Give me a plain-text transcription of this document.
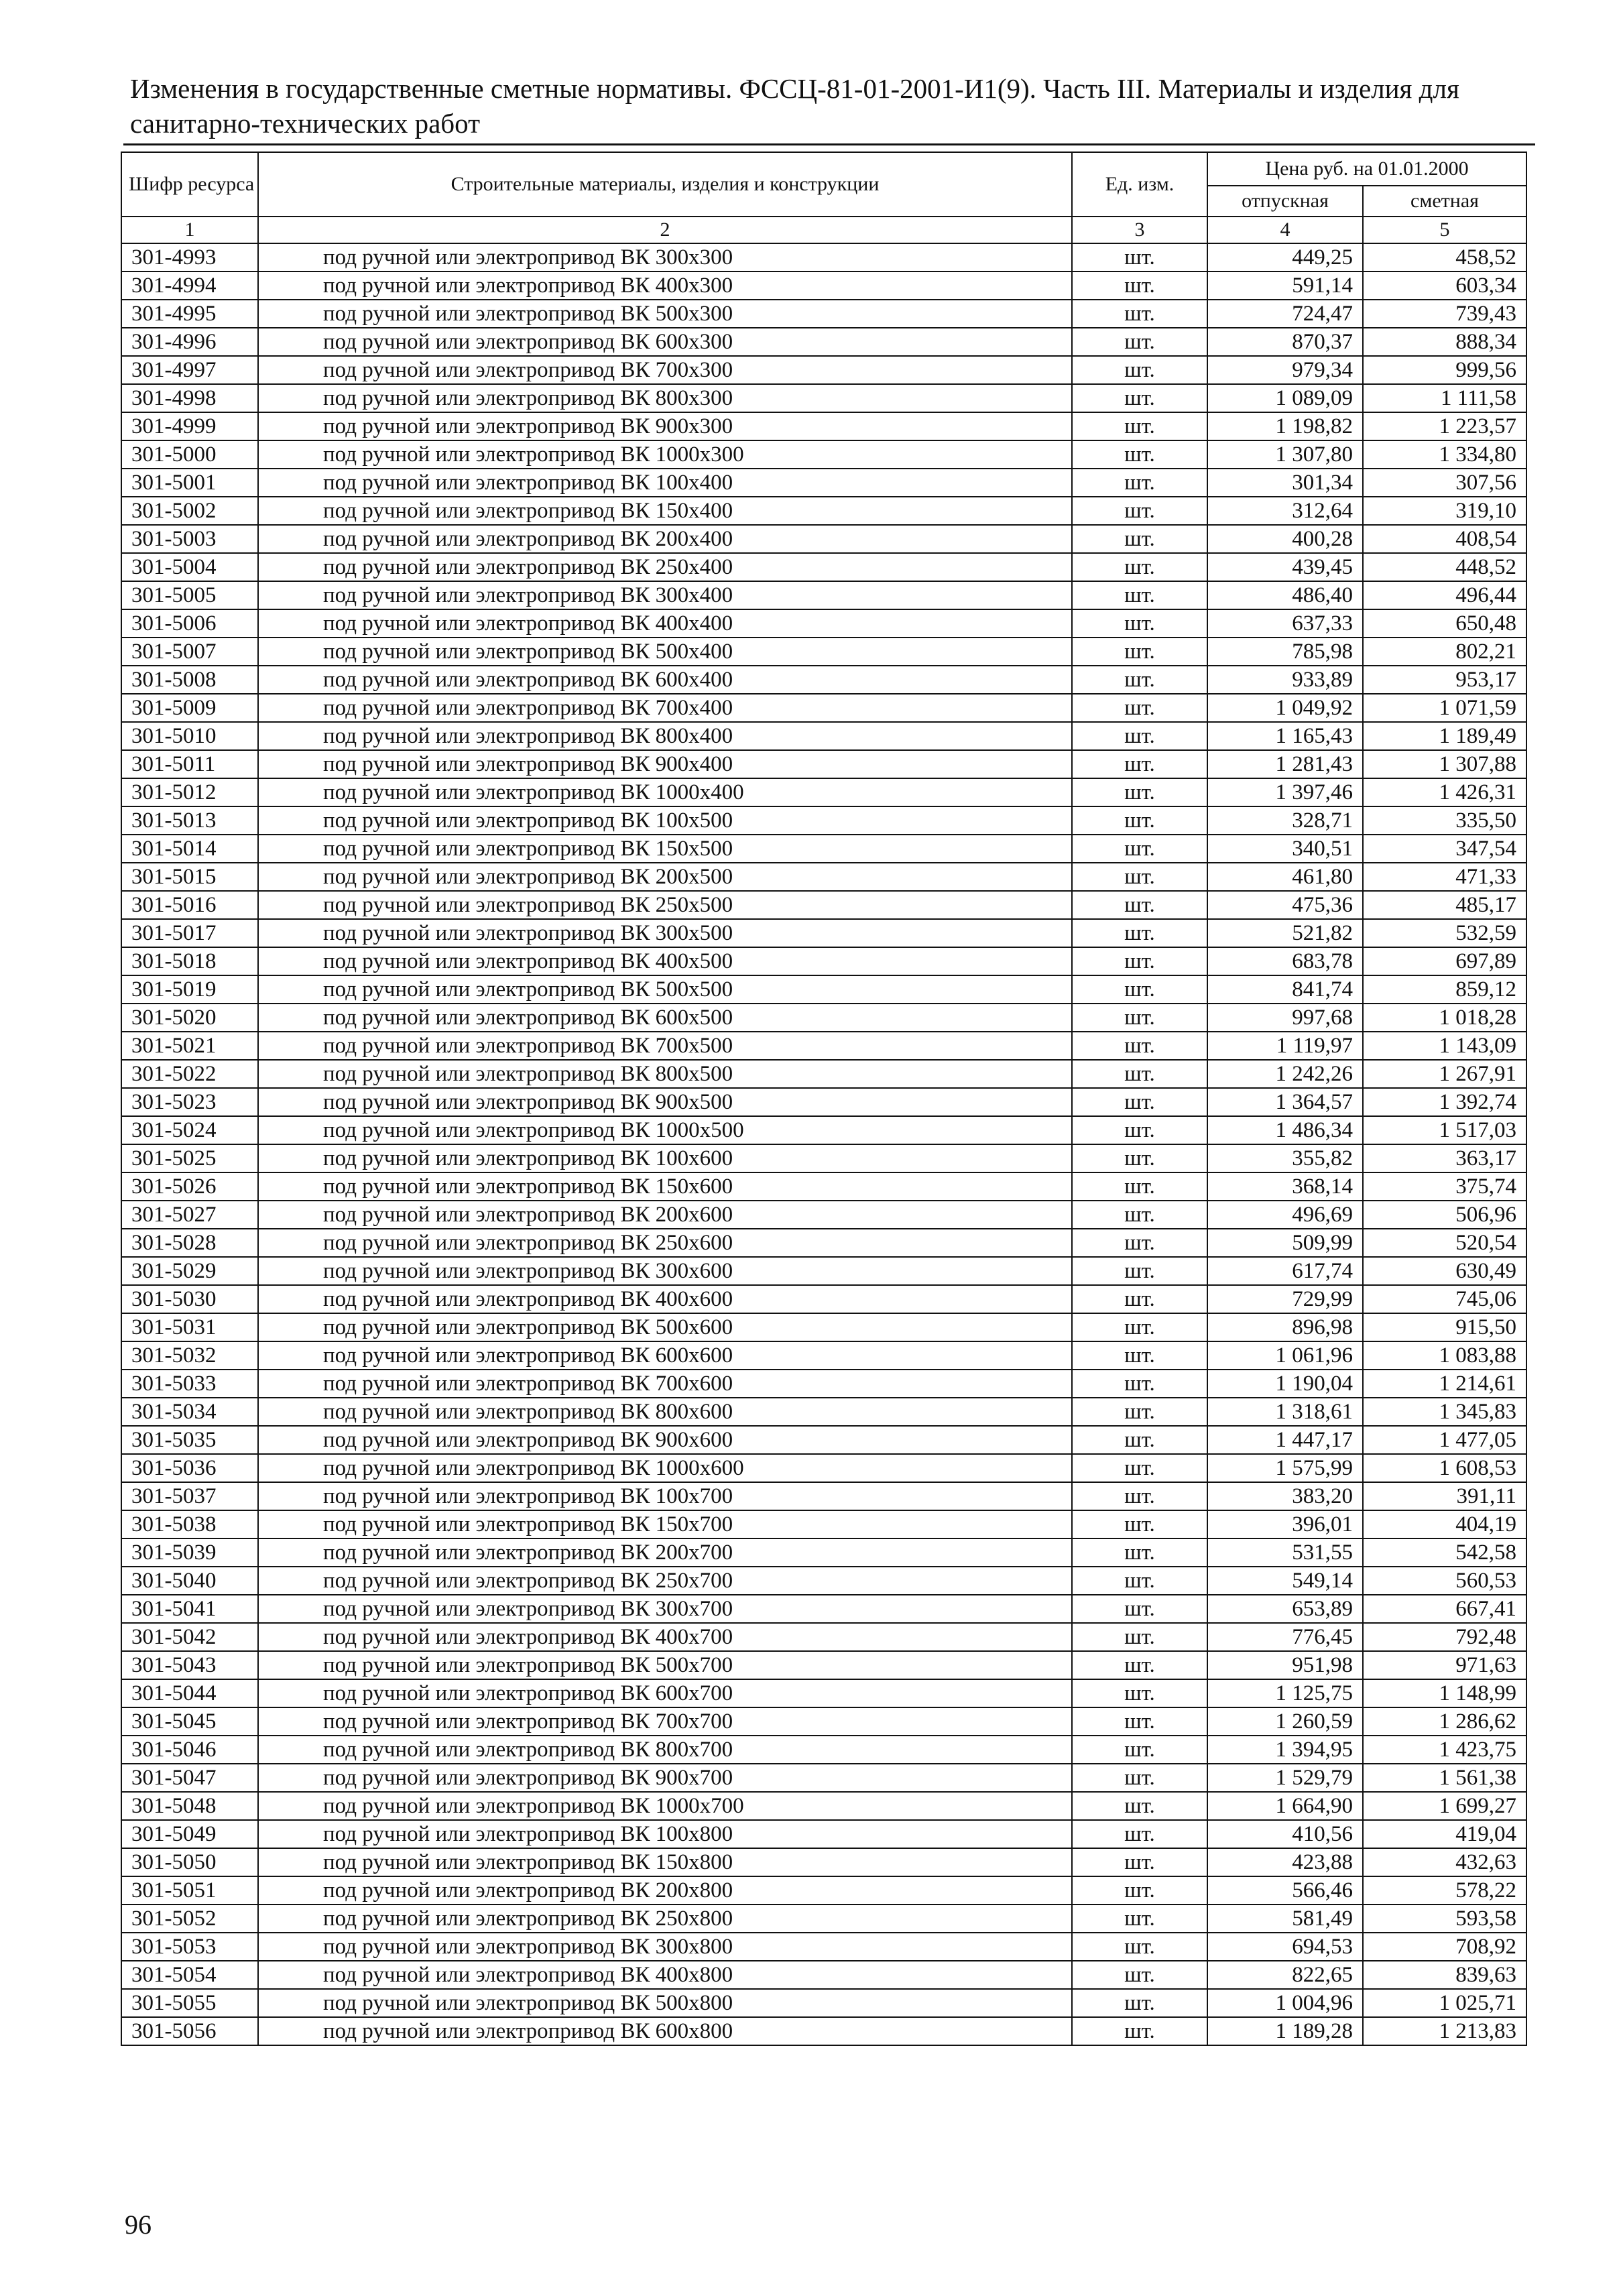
Изменения в государственные сметные нормативы. ФССЦ-81-01-2001-И1(9). Часть III. Материалы и изделия для санитарно-технических работ
Шифр ресурса	Строительные материалы, изделия и конструкции	Ед. изм.	Цена руб. на 01.01.2000	
			отпускная	сметная
1	2	3	4	5
301-4993	под ручной или электропривод ВК 300x300	шт.	449,25	458,52
301-4994	под ручной или электропривод ВК 400x300	шт.	591,14	603,34
301-4995	под ручной или электропривод ВК 500x300	шт.	724,47	739,43
301-4996	под ручной или электропривод ВК 600x300	шт.	870,37	888,34
301-4997	под ручной или электропривод ВК 700x300	шт.	979,34	999,56
301-4998	под ручной или электропривод ВК 800x300	шт.	1 089,09	1 111,58
301-4999	под ручной или электропривод ВК 900x300	шт.	1 198,82	1 223,57
301-5000	под ручной или электропривод ВК 1000x300	шт.	1 307,80	1 334,80
301-5001	под ручной или электропривод ВК 100x400	шт.	301,34	307,56
301-5002	под ручной или электропривод ВК 150x400	шт.	312,64	319,10
301-5003	под ручной или электропривод ВК 200x400	шт.	400,28	408,54
301-5004	под ручной или электропривод ВК 250x400	шт.	439,45	448,52
301-5005	под ручной или электропривод ВК 300x400	шт.	486,40	496,44
301-5006	под ручной или электропривод ВК 400x400	шт.	637,33	650,48
301-5007	под ручной или электропривод ВК 500x400	шт.	785,98	802,21
301-5008	под ручной или электропривод ВК 600x400	шт.	933,89	953,17
301-5009	под ручной или электропривод ВК 700x400	шт.	1 049,92	1 071,59
301-5010	под ручной или электропривод ВК 800x400	шт.	1 165,43	1 189,49
301-5011	под ручной или электропривод ВК 900x400	шт.	1 281,43	1 307,88
301-5012	под ручной или электропривод ВК 1000x400	шт.	1 397,46	1 426,31
301-5013	под ручной или электропривод ВК 100x500	шт.	328,71	335,50
301-5014	под ручной или электропривод ВК 150x500	шт.	340,51	347,54
301-5015	под ручной или электропривод ВК 200x500	шт.	461,80	471,33
301-5016	под ручной или электропривод ВК 250x500	шт.	475,36	485,17
301-5017	под ручной или электропривод ВК 300x500	шт.	521,82	532,59
301-5018	под ручной или электропривод ВК 400x500	шт.	683,78	697,89
301-5019	под ручной или электропривод ВК 500x500	шт.	841,74	859,12
301-5020	под ручной или электропривод ВК 600x500	шт.	997,68	1 018,28
301-5021	под ручной или электропривод ВК 700x500	шт.	1 119,97	1 143,09
301-5022	под ручной или электропривод ВК 800x500	шт.	1 242,26	1 267,91
301-5023	под ручной или электропривод ВК 900x500	шт.	1 364,57	1 392,74
301-5024	под ручной или электропривод ВК 1000x500	шт.	1 486,34	1 517,03
301-5025	под ручной или электропривод ВК 100x600	шт.	355,82	363,17
301-5026	под ручной или электропривод ВК 150x600	шт.	368,14	375,74
301-5027	под ручной или электропривод ВК 200x600	шт.	496,69	506,96
301-5028	под ручной или электропривод ВК 250x600	шт.	509,99	520,54
301-5029	под ручной или электропривод ВК 300x600	шт.	617,74	630,49
301-5030	под ручной или электропривод ВК 400x600	шт.	729,99	745,06
301-5031	под ручной или электропривод ВК 500x600	шт.	896,98	915,50
301-5032	под ручной или электропривод ВК 600x600	шт.	1 061,96	1 083,88
301-5033	под ручной или электропривод ВК 700x600	шт.	1 190,04	1 214,61
301-5034	под ручной или электропривод ВК 800x600	шт.	1 318,61	1 345,83
301-5035	под ручной или электропривод ВК 900x600	шт.	1 447,17	1 477,05
301-5036	под ручной или электропривод ВК 1000x600	шт.	1 575,99	1 608,53
301-5037	под ручной или электропривод ВК 100x700	шт.	383,20	391,11
301-5038	под ручной или электропривод ВК 150x700	шт.	396,01	404,19
301-5039	под ручной или электропривод ВК 200x700	шт.	531,55	542,58
301-5040	под ручной или электропривод ВК 250x700	шт.	549,14	560,53
301-5041	под ручной или электропривод ВК 300x700	шт.	653,89	667,41
301-5042	под ручной или электропривод ВК 400x700	шт.	776,45	792,48
301-5043	под ручной или электропривод ВК 500x700	шт.	951,98	971,63
301-5044	под ручной или электропривод ВК 600x700	шт.	1 125,75	1 148,99
301-5045	под ручной или электропривод ВК 700x700	шт.	1 260,59	1 286,62
301-5046	под ручной или электропривод ВК 800x700	шт.	1 394,95	1 423,75
301-5047	под ручной или электропривод ВК 900x700	шт.	1 529,79	1 561,38
301-5048	под ручной или электропривод ВК 1000x700	шт.	1 664,90	1 699,27
301-5049	под ручной или электропривод ВК 100x800	шт.	410,56	419,04
301-5050	под ручной или электропривод ВК 150x800	шт.	423,88	432,63
301-5051	под ручной или электропривод ВК 200x800	шт.	566,46	578,22
301-5052	под ручной или электропривод ВК 250x800	шт.	581,49	593,58
301-5053	под ручной или электропривод ВК 300x800	шт.	694,53	708,92
301-5054	под ручной или электропривод ВК 400x800	шт.	822,65	839,63
301-5055	под ручной или электропривод ВК 500x800	шт.	1 004,96	1 025,71
301-5056	под ручной или электропривод ВК 600x800	шт.	1 189,28	1 213,83
96
